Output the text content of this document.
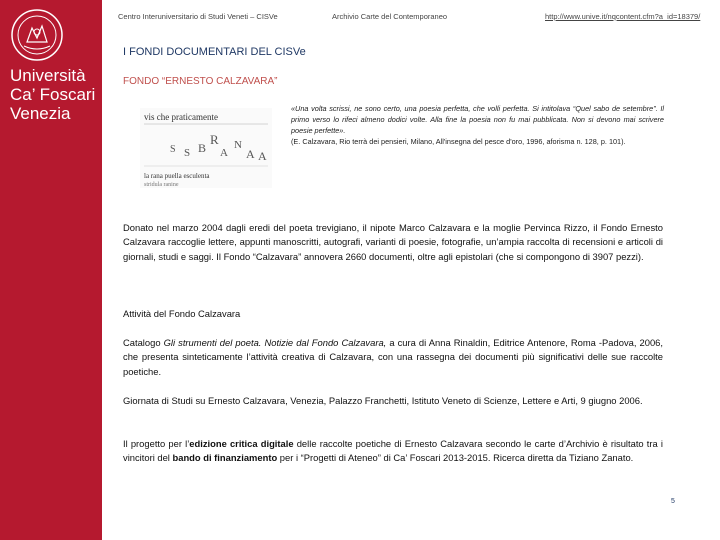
Università
Ca’ Foscari
Venezia
Centro Interuniversitario di Studi Veneti – CISVe	Archivio Carte del Contemporaneo	http://www.unive.it/nqcontent.cfm?a_id=18379/
I FONDI DOCUMENTARI DEL CISVe
FONDO “ERNESTO CALZAVARA”
vis che praticamente
S S B
R
A
N
A A
la rana puella esculenta
stridula ranine
«Una volta scrissi, ne sono certo, una poesia perfetta, che volli perfetta. Si intitolava “Quel sabo de setembre”. Il primo verso lo rifeci almeno dodici volte. Alla fine la poesia non fu mai pubblicata. Non si devono mai scrivere poesie perfette».
(E. Calzavara, Rio terrà dei pensieri, Milano, All'insegna del pesce d'oro, 1996, aforisma n. 128, p. 101).
Donato nel marzo 2004 dagli eredi del poeta trevigiano, il nipote Marco Calzavara e la moglie Pervinca Rizzo, il Fondo Ernesto Calzavara raccoglie lettere, appunti manoscritti, autografi, varianti di poesie, fotografie, un’ampia raccolta di recensioni e articoli di giornali, studi e saggi. Il Fondo “Calzavara” annovera 2660 documenti, oltre agli epistolari (che si compongono di 3907 pezzi).
Attività del Fondo Calzavara
Catalogo Gli strumenti del poeta. Notizie dal Fondo Calzavara, a cura di Anna Rinaldin, Editrice Antenore, Roma -Padova, 2006, che presenta sinteticamente l’attività creativa di Calzavara, con una rassegna dei documenti più significativi delle sue raccolte poetiche.
Giornata di Studi su Ernesto Calzavara, Venezia, Palazzo Franchetti, Istituto Veneto di Scienze, Lettere e Arti, 9 giugno 2006.
Il progetto per l’edizione critica digitale delle raccolte poetiche di Ernesto Calzavara secondo le carte d’Archivio è risultato tra i vincitori del bando di finanziamento per i “Progetti di Ateneo” di Ca’ Foscari 2013-2015. Ricerca diretta da Tiziano Zanato.
5
